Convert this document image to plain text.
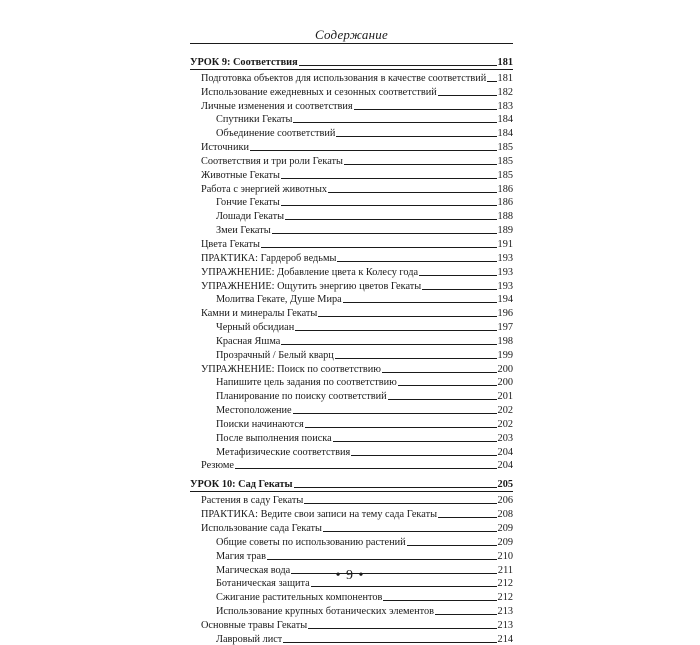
Содержание
УРОК 9: Соответствия	181
Подготовка объектов для использования в качестве соответствий 181
Использование ежедневных и сезонных соответствий	182
Личные изменения и соответствия	183
Спутники Гекаты	184
Объединение соответствий	184
Источники	185
Соответствия и три роли Гекаты	185
Животные Гекаты	185
Работа с энергией животных	186
Гончие Гекаты	186
Лошади Гекаты	188
Змеи Гекаты	189
Цвета Гекаты	191
ПРАКТИКА: Гардероб ведьмы	193
УПРАЖНЕНИЕ: Добавление цвета к Колесу года	193
УПРАЖНЕНИЕ: Ощутить энергию цветов Гекаты	193
Молитва Гекате, Душе Мира	194
Камни и минералы Гекаты	196
Черный обсидиан	197
Красная Яшма	198
Прозрачный / Белый кварц	199
УПРАЖНЕНИЕ: Поиск по соответствию	200
Напишите цель задания по соответствию	200
Планирование по поиску соответствий	201
Местоположение	202
Поиски начинаются	202
После выполнения поиска	203
Метафизические соответствия	204
Резюме	204
УРОК 10: Сад Гекаты	205
Растения в саду Гекаты	206
ПРАКТИКА: Ведите свои записи на тему сада Гекаты	208
Использование сада Гекаты	209
Общие советы по использованию растений	209
Магия трав	210
Магическая вода	211
Ботаническая защита	212
Сжигание растительных компонентов	212
Использование крупных ботанических элементов	213
Основные травы Гекаты	213
Лавровый лист	214
• 9 •
